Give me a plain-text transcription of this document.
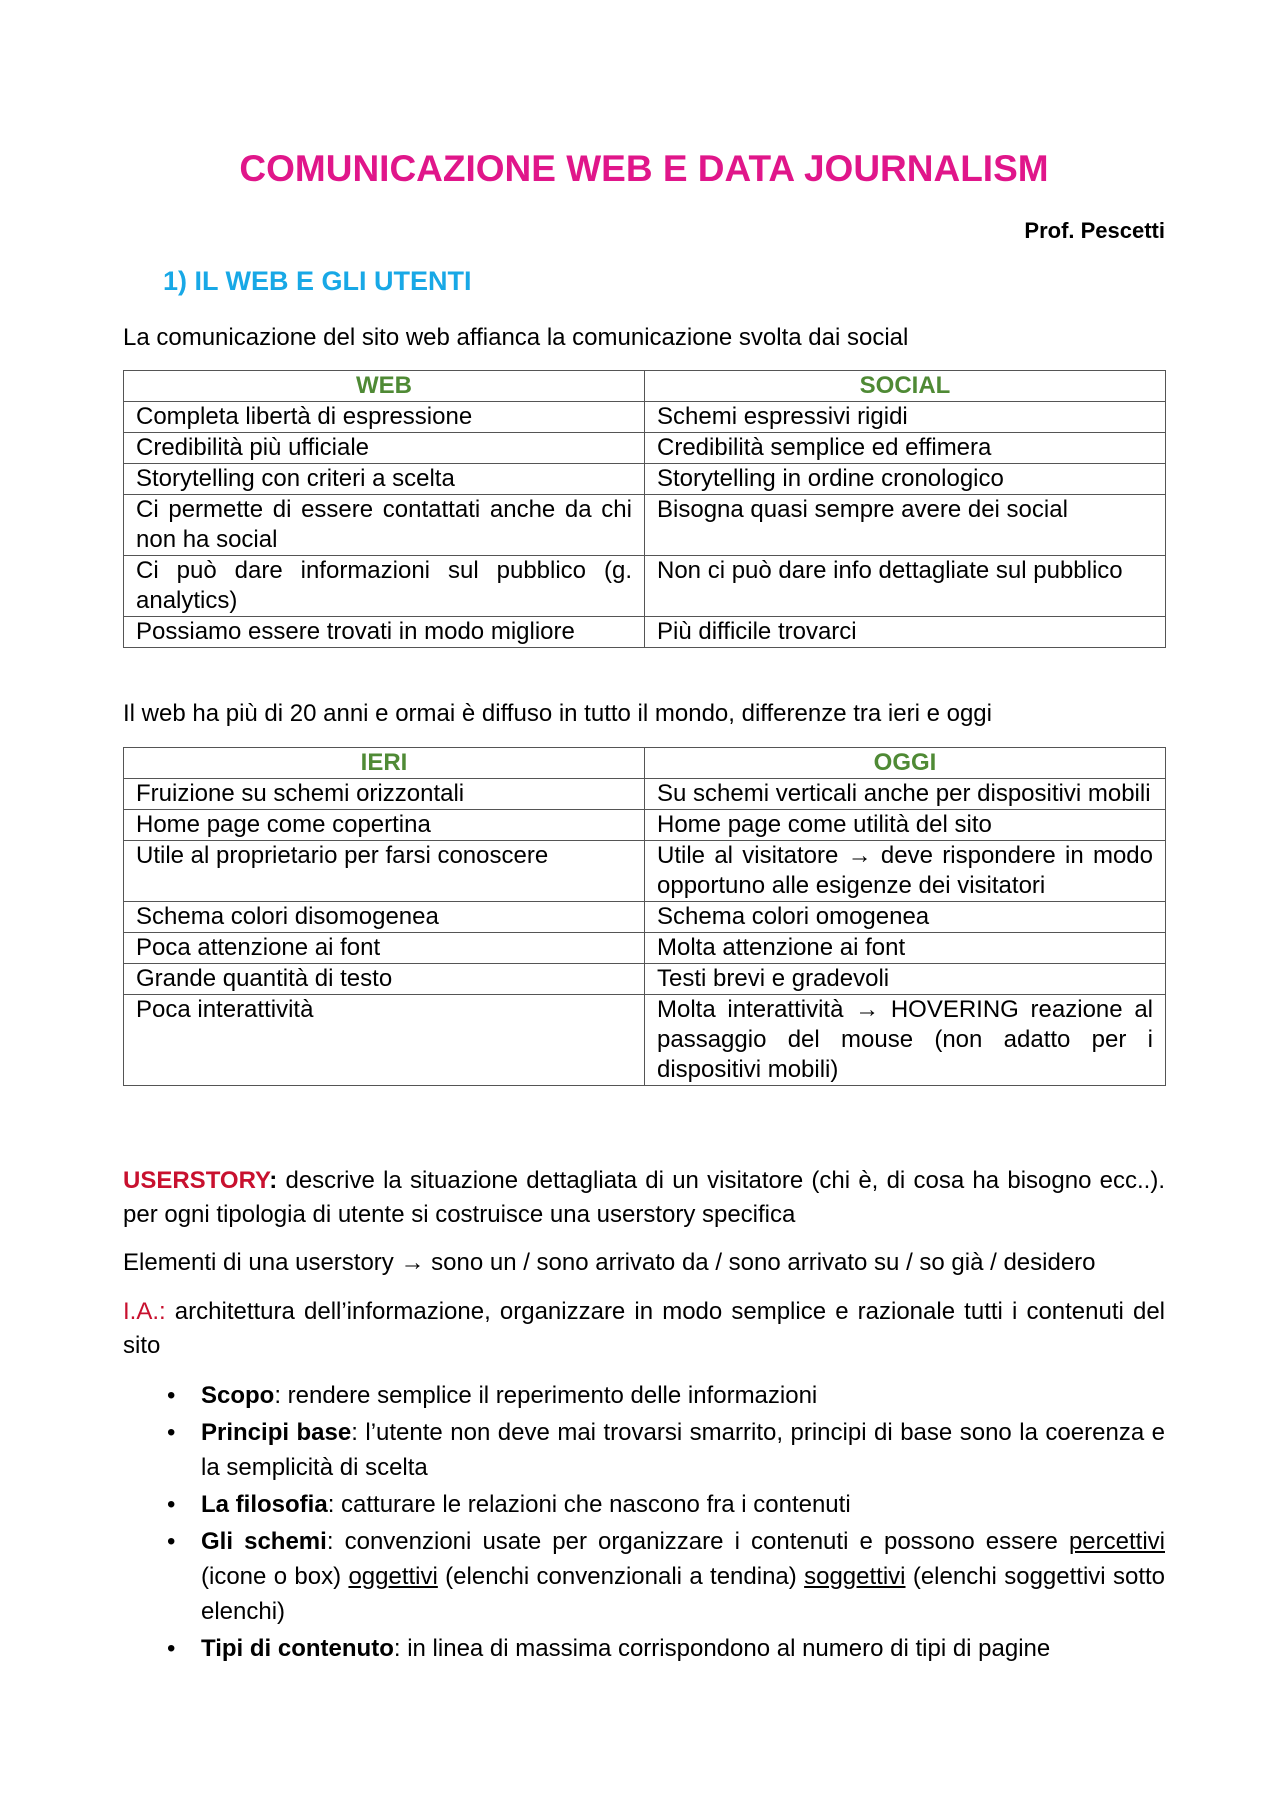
COMUNICAZIONE WEB E DATA JOURNALISM

Prof. Pescetti

1) IL WEB E GLI UTENTI

La comunicazione del sito web affianca la comunicazione svolta dai social

WEB	SOCIAL
Completa libertà di espressione	Schemi espressivi rigidi
Credibilità più ufficiale	Credibilità semplice ed effimera
Storytelling con criteri a scelta	Storytelling in ordine cronologico
Ci permette di essere contattati anche da chi non ha social	Bisogna quasi sempre avere dei social
Ci può dare informazioni sul pubblico (g. analytics)	Non ci può dare info dettagliate sul pubblico
Possiamo essere trovati in modo migliore	Più difficile trovarci

Il web ha più di 20 anni e ormai è diffuso in tutto il mondo, differenze tra ieri e oggi

IERI	OGGI
Fruizione su schemi orizzontali	Su schemi verticali anche per dispositivi mobili
Home page come copertina	Home page come utilità del sito
Utile al proprietario per farsi conoscere	Utile al visitatore → deve rispondere in modo opportuno alle esigenze dei visitatori
Schema colori disomogenea	Schema colori omogenea
Poca attenzione ai font	Molta attenzione ai font
Grande quantità di testo	Testi brevi e gradevoli
Poca interattività	Molta interattività → HOVERING reazione al passaggio del mouse (non adatto per i dispositivi mobili)

USERSTORY: descrive la situazione dettagliata di un visitatore (chi è, di cosa ha bisogno ecc..). per ogni tipologia di utente si costruisce una userstory specifica

Elementi di una userstory → sono un / sono arrivato da / sono arrivato su / so già / desidero

I.A.: architettura dell’informazione, organizzare in modo semplice e razionale tutti i contenuti del sito

• Scopo: rendere semplice il reperimento delle informazioni
• Principi base: l’utente non deve mai trovarsi smarrito, principi di base sono la coerenza e la semplicità di scelta
• La filosofia: catturare le relazioni che nascono fra i contenuti
• Gli schemi: convenzioni usate per organizzare i contenuti e possono essere percettivi (icone o box) oggettivi (elenchi convenzionali a tendina) soggettivi (elenchi soggettivi sotto elenchi)
• Tipi di contenuto: in linea di massima corrispondono al numero di tipi di pagine
